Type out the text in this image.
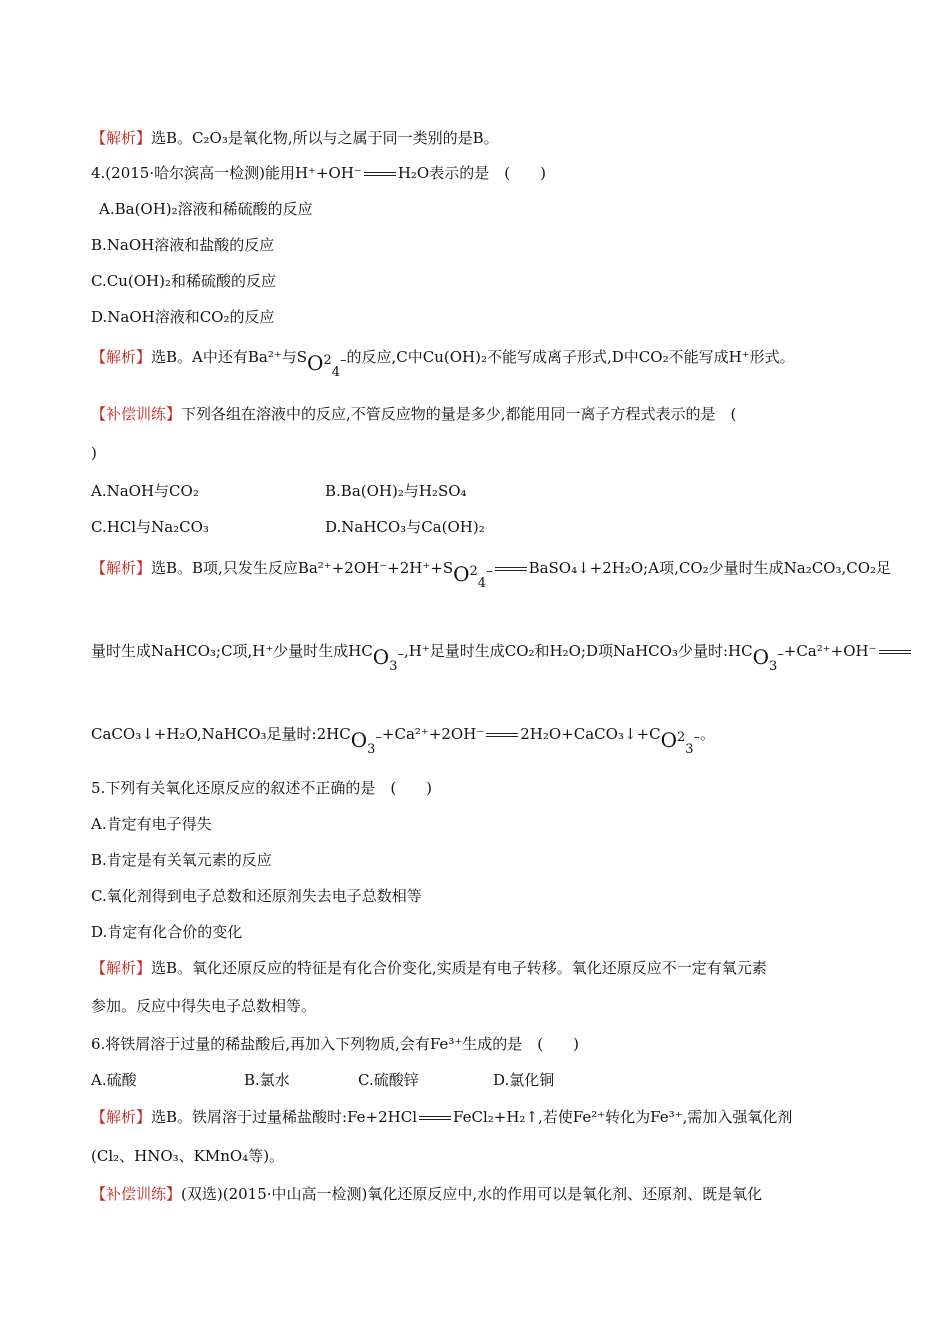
【解析】选B。C₂O₃是氧化物,所以与之属于同一类别的是B。
4.(2015·哈尔滨高一检测)能用H⁺+OH⁻ H₂O表示的是　(　　)
A.Ba(OH)₂溶液和稀硫酸的反应
B.NaOH溶液和盐酸的反应
C.Cu(OH)₂和稀硫酸的反应
D.NaOH溶液和CO₂的反应
【解析】选B。A中还有Ba²⁺与$SO^2_4^-$的反应,C中Cu(OH)₂不能写成离子形式,D中CO₂不能写成H⁺形式。
【补偿训练】下列各组在溶液中的反应,不管反应物的量是多少,都能用同一离子方程式表示的是　(
)
A.NaOH与CO₂	B.Ba(OH)₂与H₂SO₄
C.HCl与Na₂CO₃	D.NaHCO₃与Ca(OH)₂
【解析】选B。B项,只发生反应$Ba^{2+}+2OH^-+2H^++SO^2_4^-$ BaSO₄↓+2H₂O;A项,CO₂少量时生成Na₂CO₃,CO₂足
量时生成NaHCO₃;C项,H⁺少量时生成$HCO_3^-,H^+$足量时生成CO₂和H₂O;D项NaHCO₃少量时$:HCO_3^-+Ca^{2+}+OH^-$
CaCO₃↓+H₂O,NaHCO₃足量时$:2HCO_3^-+Ca^{2+}+2OH^-$ $2H_2O+CaCO_3↓+CO^2_3^-$。
5.下列有关氧化还原反应的叙述不正确的是　(　　)
A.肯定有电子得失
B.肯定是有关氧元素的反应
C.氧化剂得到电子总数和还原剂失去电子总数相等
D.肯定有化合价的变化
【解析】选B。氧化还原反应的特征是有化合价变化,实质是有电子转移。氧化还原反应不一定有氧元素
参加。反应中得失电子总数相等。
6.将铁屑溶于过量的稀盐酸后,再加入下列物质,会有Fe³⁺生成的是　(　　)
A.硫酸	B.氯水	C.硫酸锌	D.氯化铜
【解析】选B。铁屑溶于过量稀盐酸时:Fe+2HCl FeCl₂+H₂↑,若使Fe²⁺转化为Fe³⁺,需加入强氧化剂
(Cl₂、HNO₃、KMnO₄等)。
【补偿训练】(双选)(2015·中山高一检测)氧化还原反应中,水的作用可以是氧化剂、还原剂、既是氧化
